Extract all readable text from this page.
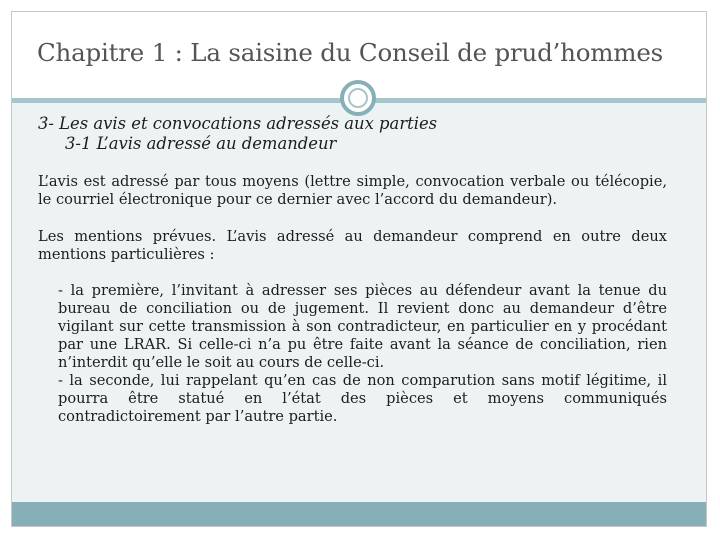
Chapitre 1 : La saisine du Conseil de prud’hommes
3- Les avis et convocations adressés aux parties
3-1 L’avis adressé au demandeur

L’avis est adressé par tous moyens (lettre simple, convocation verbale ou télécopie, le courriel électronique pour ce dernier avec l’accord du demandeur).

Les mentions prévues. L’avis adressé au demandeur comprend en outre deux mentions particulières :

- la première, l’invitant à adresser ses pièces au défendeur avant la tenue du bureau de conciliation ou de jugement. Il revient donc au demandeur d’être vigilant sur cette transmission à son contradicteur, en particulier en y procédant par une LRAR. Si celle-ci n’a pu être faite avant la séance de conciliation, rien n’interdit qu’elle le soit au cours de celle-ci.

- la seconde, lui rappelant qu’en cas de non comparution sans motif légitime, il pourra être statué en l’état des pièces et moyens communiqués contradictoirement par l’autre partie.
